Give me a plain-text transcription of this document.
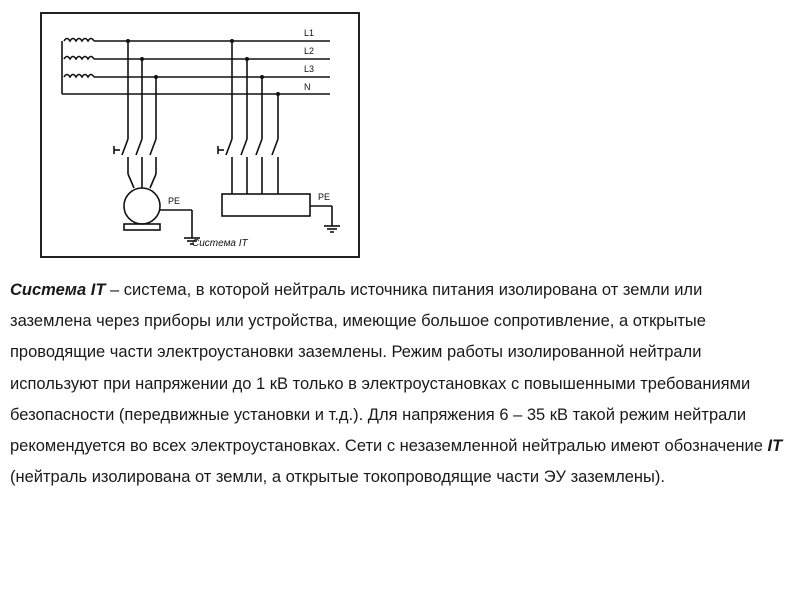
L1
L2
L3
N
PE	PE
Система IT

Система IT – система, в которой нейтраль источника питания изолирована от земли или заземлена через приборы или устройства, имеющие большое сопротивление, а открытые проводящие части электроустановки заземлены. Режим работы изолированной нейтрали используют при напряжении до 1 кВ только в электроустановках с повышенными требованиями безопасности (передвижные установки и т.д.). Для напряжения 6 – 35 кВ такой режим нейтрали рекомендуется во всех электроустановках. Сети с незаземленной нейтралью имеют обозначение IT (нейтраль изолирована от земли, а открытые токопроводящие части ЭУ заземлены).
